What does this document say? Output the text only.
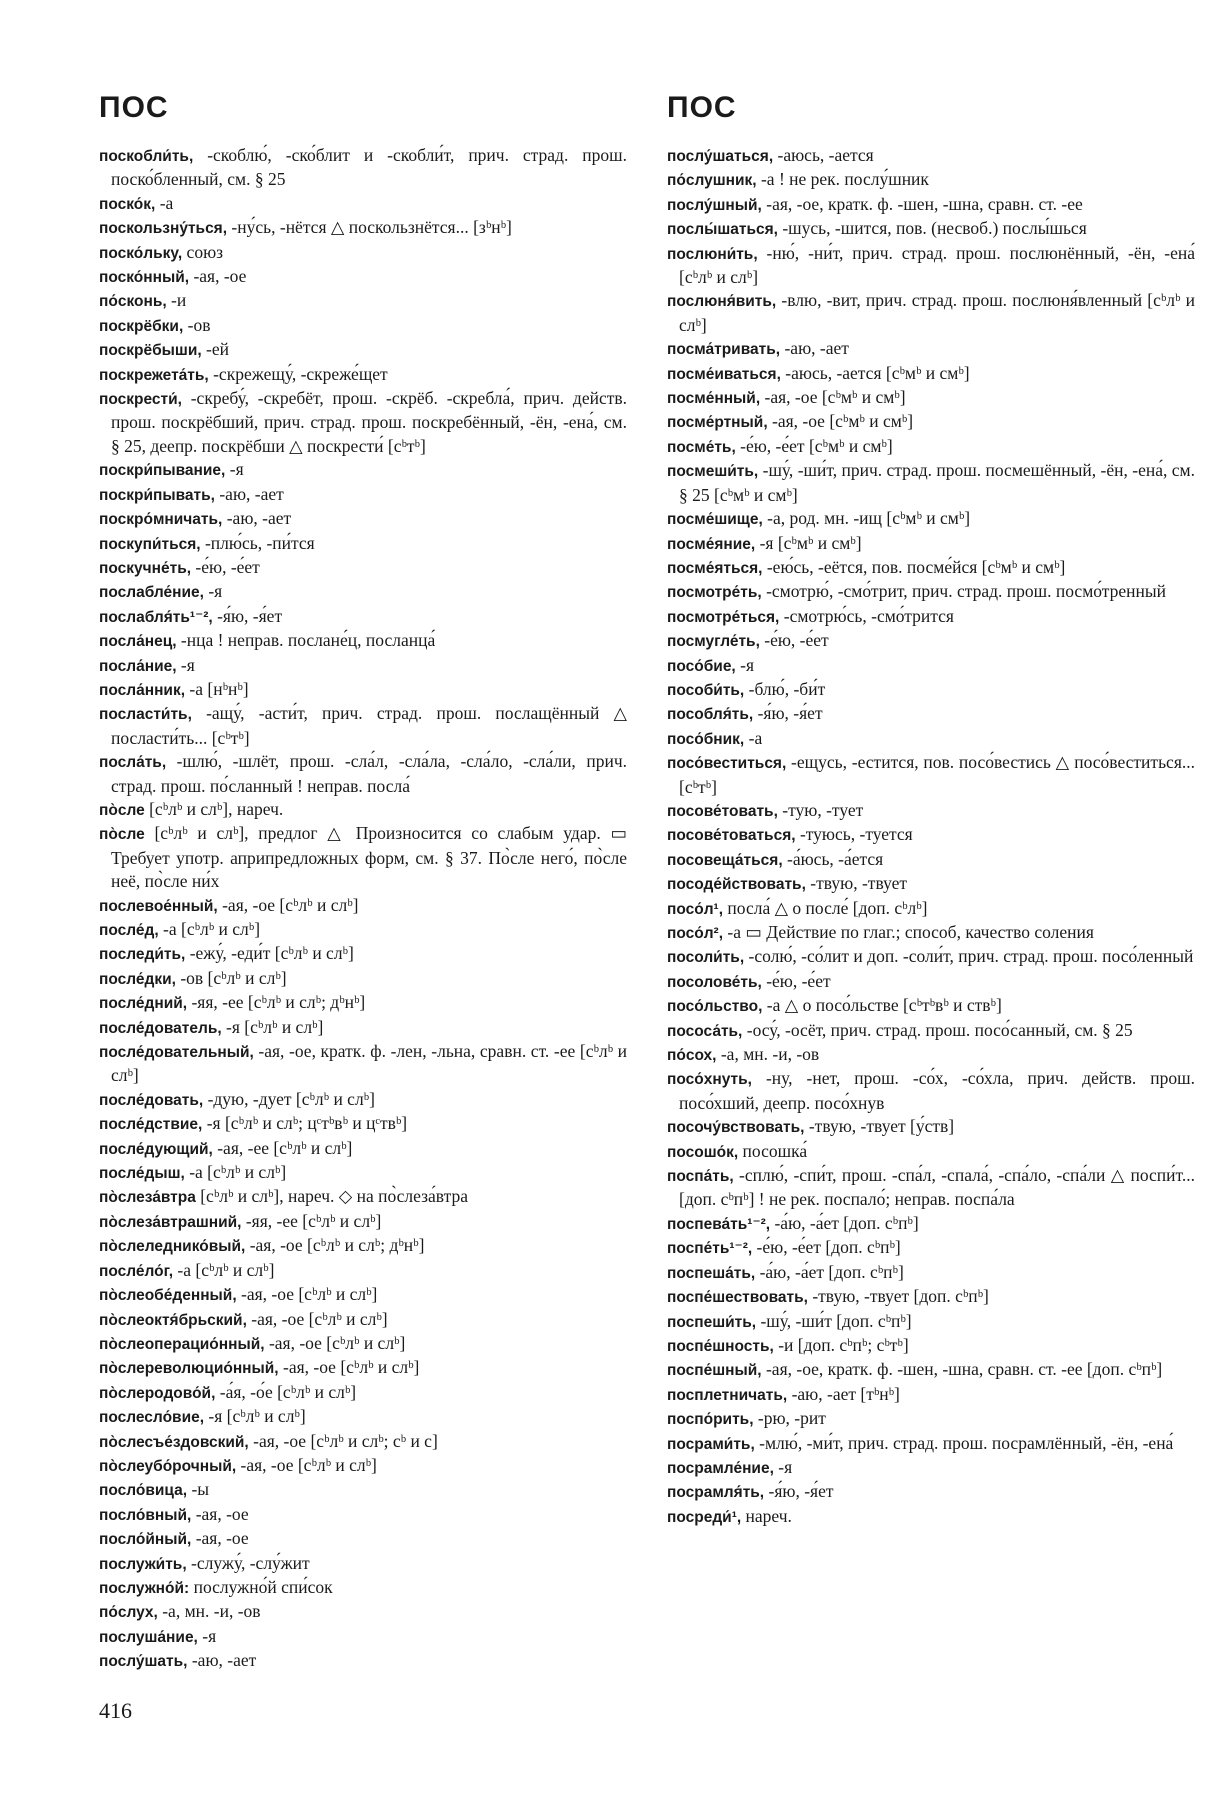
ПОС
поскобли́ть, -скоблю́, -ско́блит и -скобли́т, прич. страд. прош. поско́бленный, см. § 25
поско́к, -а
поскользну́ться, -ну́сь, -нётся △ поскользнётся... [зᵇнᵇ]
поско́льку, союз
поско́нный, -ая, -ое
по́сконь, -и
поскрёбки, -ов
поскрёбыши, -ей
поскрежета́ть, -скрежещу́, -скреже́щет
поскрести́, -скребу́, -скребёт, прош. -скрёб. -скребла́, прич. действ. прош. поскрёбший, прич. страд. прош. поскребённый, -ён, -ена́, см. § 25, деепр. поскрёбши △ поскрести́ [сᵇтᵇ]
поскри́пывание, -я
поскри́пывать, -аю, -ает
поскро́мничать, -аю, -ает
поскупи́ться, -плю́сь, -пи́тся
поскучне́ть, -е́ю, -е́ет
послабле́ние, -я
послабля́ть¹⁻², -я́ю, -я́ет
посла́нец, -нца ! неправ. послане́ц, посланца́
посла́ние, -я
посла́нник, -а [нᵇнᵇ]
посласти́ть, -ащу́, -асти́т, прич. страд. прош. послащённый △ посласти́ть... [сᵇтᵇ]
посла́ть, -шлю́, -шлёт, прош. -сла́л, -сла́ла, -сла́ло, -сла́ли, прич. страд. прош. по́сланный ! неправ. посла́
по̀сле [сᵇлᵇ и слᵇ], нареч.
по̀сле [сᵇлᵇ и слᵇ], предлог △ Произносится со слабым удар. ▭ Требует употр. априпредложных форм, см. § 37. По̀сле него́, по̀сле неё, по̀сле ни́х
послевое́нный, -ая, -ое [сᵇлᵇ и слᵇ]
после́д, -а [сᵇлᵇ и слᵇ]
последи́ть, -ежу́, -еди́т [сᵇлᵇ и слᵇ]
после́дки, -ов [сᵇлᵇ и слᵇ]
после́дний, -яя, -ее [сᵇлᵇ и слᵇ; дᵇнᵇ]
после́дователь, -я [сᵇлᵇ и слᵇ]
после́довательный, -ая, -ое, кратк. ф. -лен, -льна, сравн. ст. -ее [сᵇлᵇ и слᵇ]
после́довать, -дую, -дует [сᵇлᵇ и слᵇ]
после́дствие, -я [сᵇлᵇ и слᵇ; цᶜтᵇвᵇ и цᶜтвᵇ]
после́дующий, -ая, -ее [сᵇлᵇ и слᵇ]
после́дыш, -а [сᵇлᵇ и слᵇ]
по̀слеза́втра [сᵇлᵇ и слᵇ], нареч. ◇ на по̀слеза́втра
по̀слеза́втрашний, -яя, -ее [сᵇлᵇ и слᵇ]
по̀слеледнико́вый, -ая, -ое [сᵇлᵇ и слᵇ; дᵇнᵇ]
после́ло́г, -а [сᵇлᵇ и слᵇ]
по̀слеобе́денный, -ая, -ое [сᵇлᵇ и слᵇ]
по̀слеоктя́брьский, -ая, -ое [сᵇлᵇ и слᵇ]
по̀слеоперацио́нный, -ая, -ое [сᵇлᵇ и слᵇ]
по̀слереволюцио́нный, -ая, -ое [сᵇлᵇ и слᵇ]
по̀слеродово́й, -а́я, -о́е [сᵇлᵇ и слᵇ]
послесло́вие, -я [сᵇлᵇ и слᵇ]
по̀слесъе́здовский, -ая, -ое [сᵇлᵇ и слᵇ; сᵇ и с]
по̀слеубо́рочный, -ая, -ое [сᵇлᵇ и слᵇ]
посло́вица, -ы
посло́вный, -ая, -ое
посло́йный, -ая, -ое
послужи́ть, -служу́, -слу́жит
послужно́й: послужно́й спи́сок
по́слух, -а, мн. -и, -ов
послуша́ние, -я
послу́шать, -аю, -ает
ПОС
послу́шаться, -аюсь, -ается
по́слушник, -а ! не рек. послу́шник
послу́шный, -ая, -ое, кратк. ф. -шен, -шна, сравн. ст. -ее
послы́шаться, -шусь, -шится, пов. (несвоб.) послы́шься
послюни́ть, -ню́, -ни́т, прич. страд. прош. послюнённый, -ён, -ена́ [сᵇлᵇ и слᵇ]
послюня́вить, -влю, -вит, прич. страд. прош. послюня́вленный [сᵇлᵇ и слᵇ]
посма́тривать, -аю, -ает
посме́иваться, -аюсь, -ается [сᵇмᵇ и смᵇ]
посме́нный, -ая, -ое [сᵇмᵇ и смᵇ]
посме́ртный, -ая, -ое [сᵇмᵇ и смᵇ]
посме́ть, -е́ю, -е́ет [сᵇмᵇ и смᵇ]
посмеши́ть, -шу́, -ши́т, прич. страд. прош. посмешённый, -ён, -ена́, см. § 25 [сᵇмᵇ и смᵇ]
посме́шище, -а, род. мн. -ищ [сᵇмᵇ и смᵇ]
посме́яние, -я [сᵇмᵇ и смᵇ]
посме́яться, -ею́сь, -еётся, пов. посме́йся [сᵇмᵇ и смᵇ]
посмотре́ть, -смотрю́, -смо́трит, прич. страд. прош. посмо́тренный
посмотре́ться, -смотрю́сь, -смо́трится
посмугле́ть, -е́ю, -е́ет
посо́бие, -я
пособи́ть, -блю́, -би́т
пособля́ть, -я́ю, -я́ет
посо́бник, -а
посо́веститься, -ещусь, -естится, пов. посо́вестись △ посо́веститься... [сᵇтᵇ]
посове́товать, -тую, -тует
посове́товаться, -туюсь, -туется
посовеща́ться, -а́юсь, -а́ется
посоде́йствовать, -твую, -твует
посо́л¹, посла́ △ о после́ [доп. сᵇлᵇ]
посо́л², -а ▭ Действие по глаг.; способ, качество соления
посоли́ть, -солю́, -со́лит и доп. -соли́т, прич. страд. прош. посо́ленный
посолове́ть, -е́ю, -е́ет
посо́льство, -а △ о посо́льстве [сᵇтᵇвᵇ и ствᵇ]
пососа́ть, -осу́, -осёт, прич. страд. прош. посо́санный, см. § 25
по́сох, -а, мн. -и, -ов
посо́хнуть, -ну, -нет, прош. -со́х, -со́хла, прич. действ. прош. посо́хший, деепр. посо́хнув
посочу́вствовать, -твую, -твует [у́ств]
посошо́к, посошка́
поспа́ть, -сплю́, -спи́т, прош. -спа́л, -спала́, -спа́ло, -спа́ли △ поспи́т... [доп. сᵇпᵇ] ! не рек. поспало́; неправ. поспа́ла
поспева́ть¹⁻², -а́ю, -а́ет [доп. сᵇпᵇ]
поспе́ть¹⁻², -е́ю, -е́ет [доп. сᵇпᵇ]
поспеша́ть, -а́ю, -а́ет [доп. сᵇпᵇ]
поспе́шествовать, -твую, -твует [доп. сᵇпᵇ]
поспеши́ть, -шу́, -ши́т [доп. сᵇпᵇ]
поспе́шность, -и [доп. сᵇпᵇ; сᵇтᵇ]
поспе́шный, -ая, -ое, кратк. ф. -шен, -шна, сравн. ст. -ее [доп. сᵇпᵇ]
посплетничать, -аю, -ает [тᵇнᵇ]
поспо́рить, -рю, -рит
посрами́ть, -млю́, -ми́т, прич. страд. прош. посрамлённый, -ён, -ена́
посрамле́ние, -я
посрамля́ть, -я́ю, -я́ет
посреди́¹, нареч.
416
